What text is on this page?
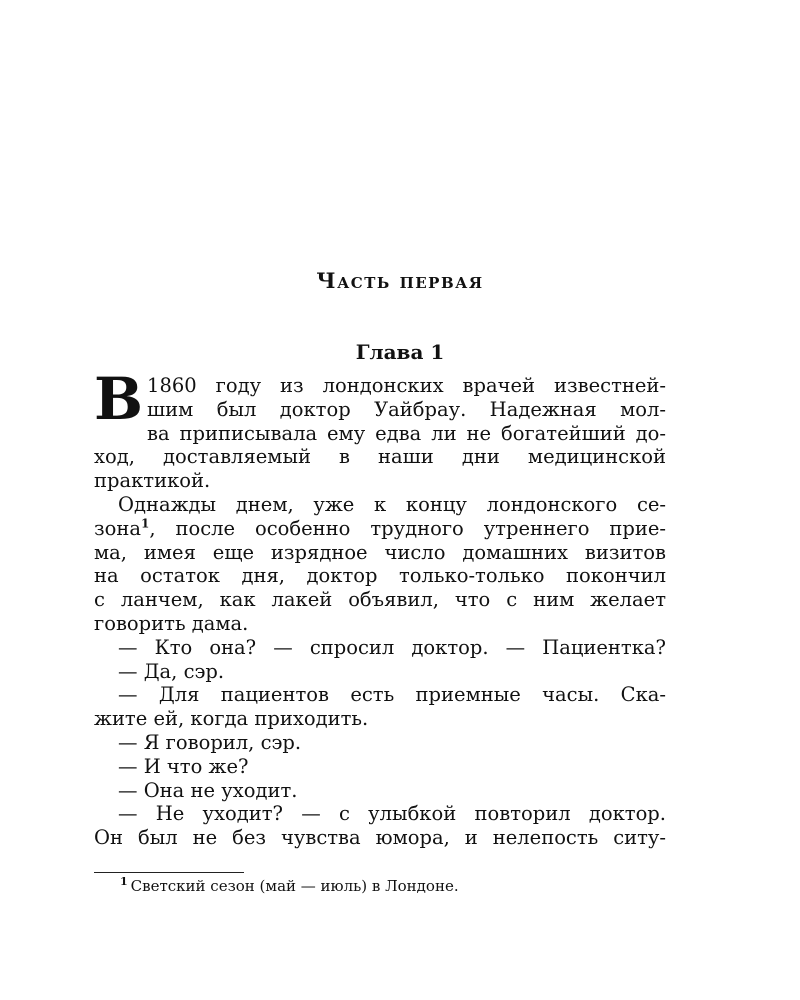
Часть первая
Глава 1
В 1860 году из лондонских врачей известней-
шим был доктор Уайбрау. Надежная мол-
ва приписывала ему едва ли не богатейший до-
ход, доставляемый в наши дни медицинской
практикой.
Однажды днем, уже к концу лондонского се-
зона$^1$, после особенно трудного утреннего прие-
ма, имея еще изрядное число домашних визитов
на остаток дня, доктор только-только покончил
с ланчем, как лакей объявил, что с ним желает
говорить дама.
— Кто она? — спросил доктор. — Пациентка?
— Да, сэр.
— Для пациентов есть приемные часы. Ска-
жите ей, когда приходить.
— Я говорил, сэр.
— И что же?
— Она не уходит.
— Не уходит? — с улыбкой повторил доктор.
Он был не без чувства юмора, и нелепость ситу-
$^1$ Светский сезон (май — июль) в Лондоне.
